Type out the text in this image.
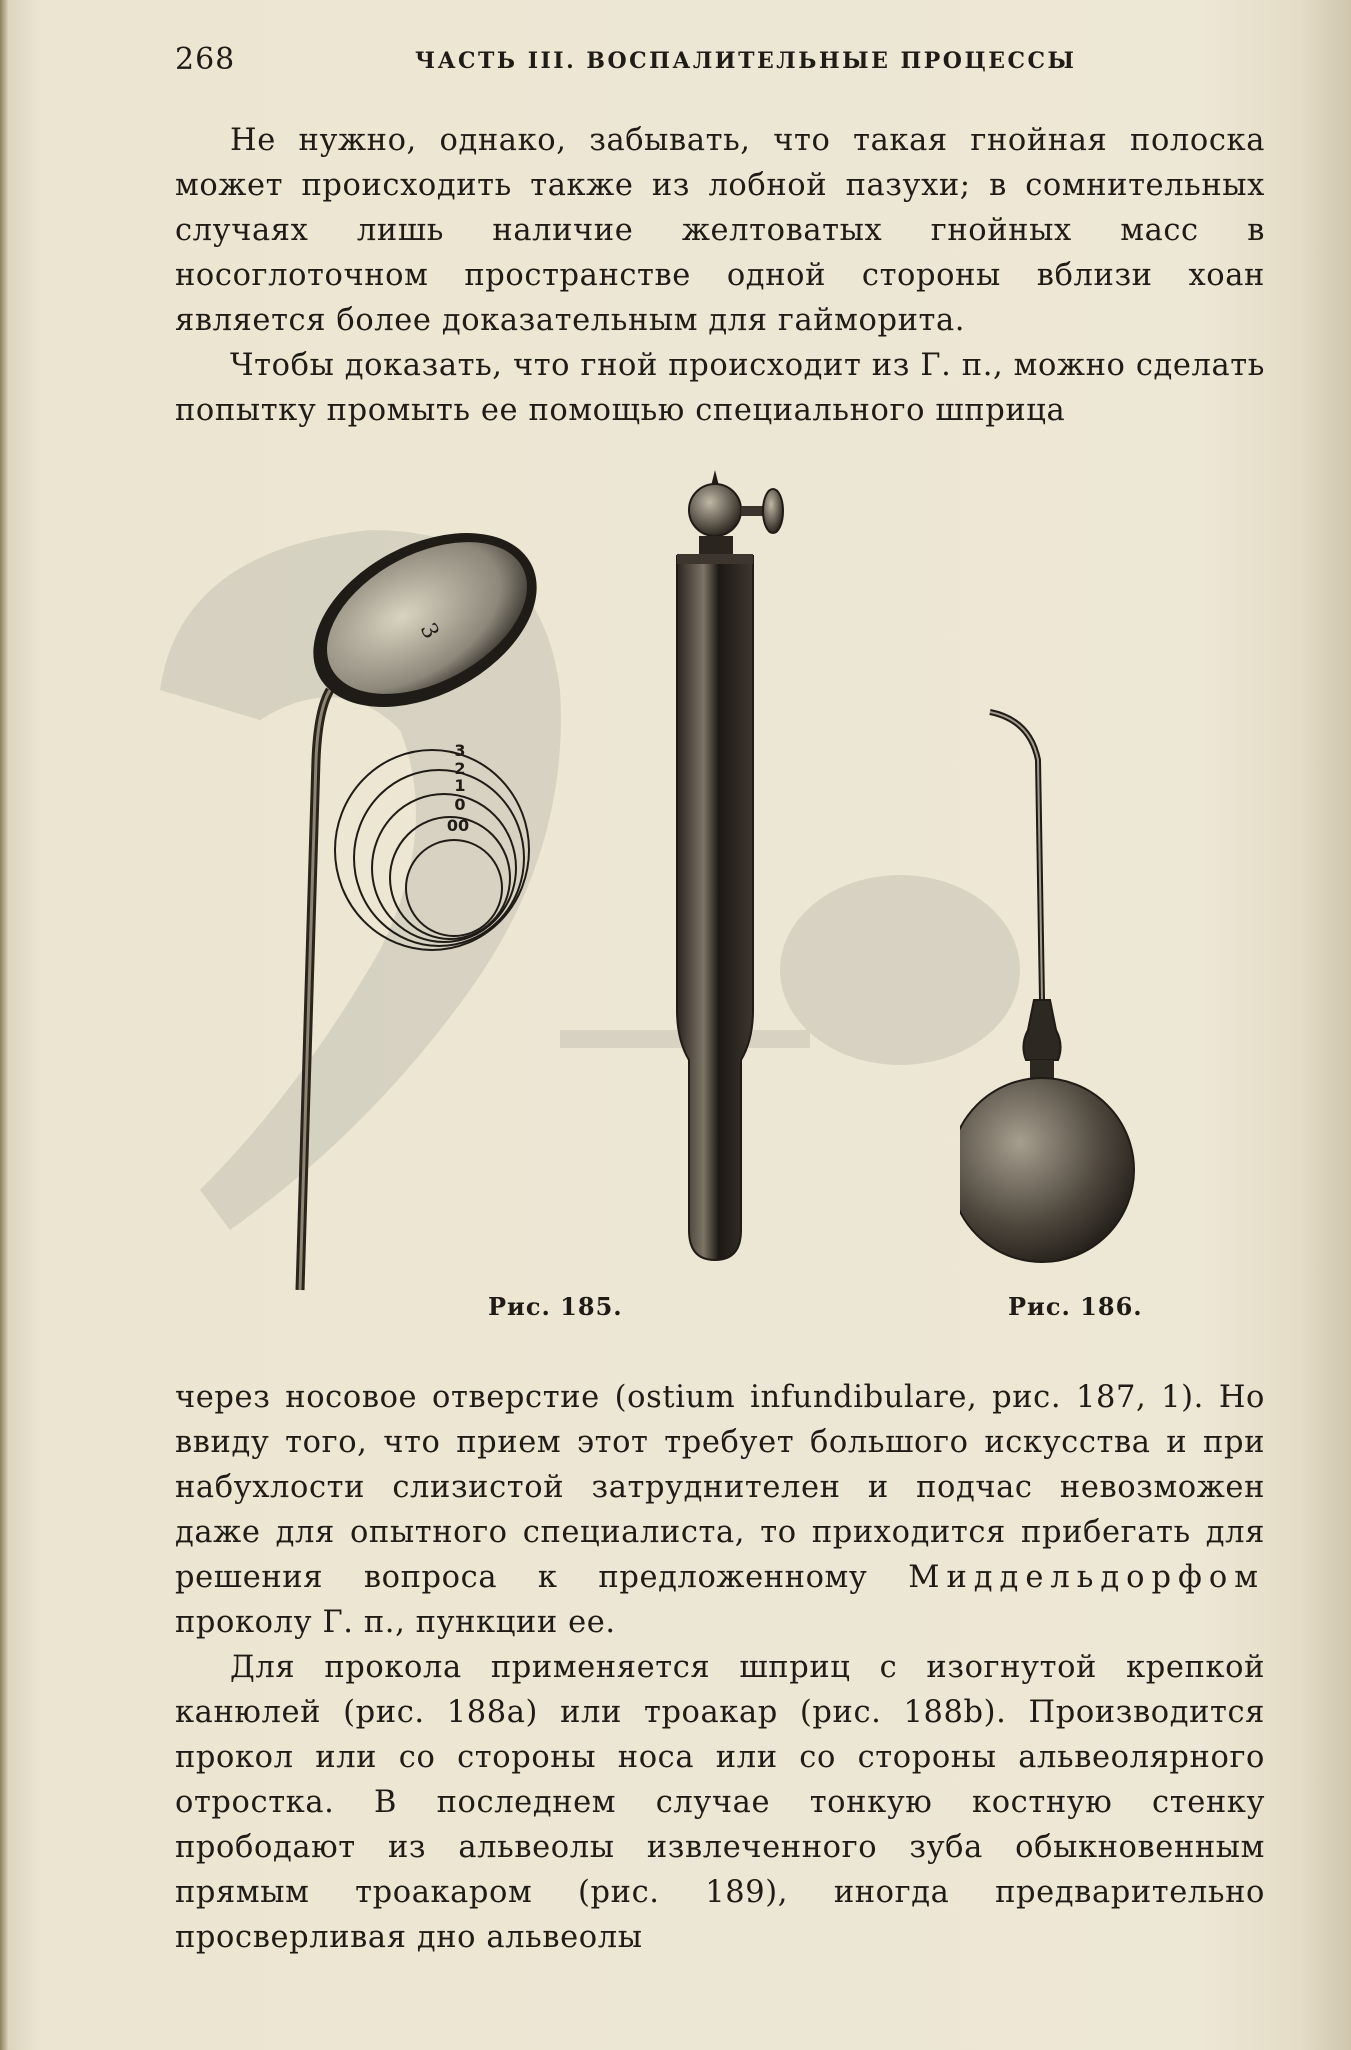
268	ЧАСТЬ III. ВОСПАЛИТЕЛЬНЫЕ ПРОЦЕССЫ

Не нужно, однако, забывать, что такая гнойная полоска может происходить также из лобной пазухи; в сомнительных случаях лишь наличие желтоватых гнойных масс в носоглоточном пространстве одной стороны вблизи хоан является более доказательным для гайморита.

Чтобы доказать, что гной происходит из Г. п., можно сделать попытку промыть ее помощью специального шприца

3
3
2
1
0
00
Рис. 185.	Рис. 186.

через носовое отверстие (ostium infundibulare, рис. 187, 1). Но ввиду того, что прием этот требует большого искусства и при набухлости слизистой затруднителен и подчас невозможен даже для опытного специалиста, то приходится прибегать для решения вопроса к предложенному Миддельдорфом проколу Г. п., пункции ее.

Для прокола применяется шприц с изогнутой крепкой канюлей (рис. 188a) или троакар (рис. 188b). Производится прокол или со стороны носа или со стороны альвеолярного отростка. В последнем случае тонкую костную стенку прободают из альвеолы извлеченного зуба обыкновенным прямым троакаром (рис. 189), иногда предварительно просверливая дно альвеолы
